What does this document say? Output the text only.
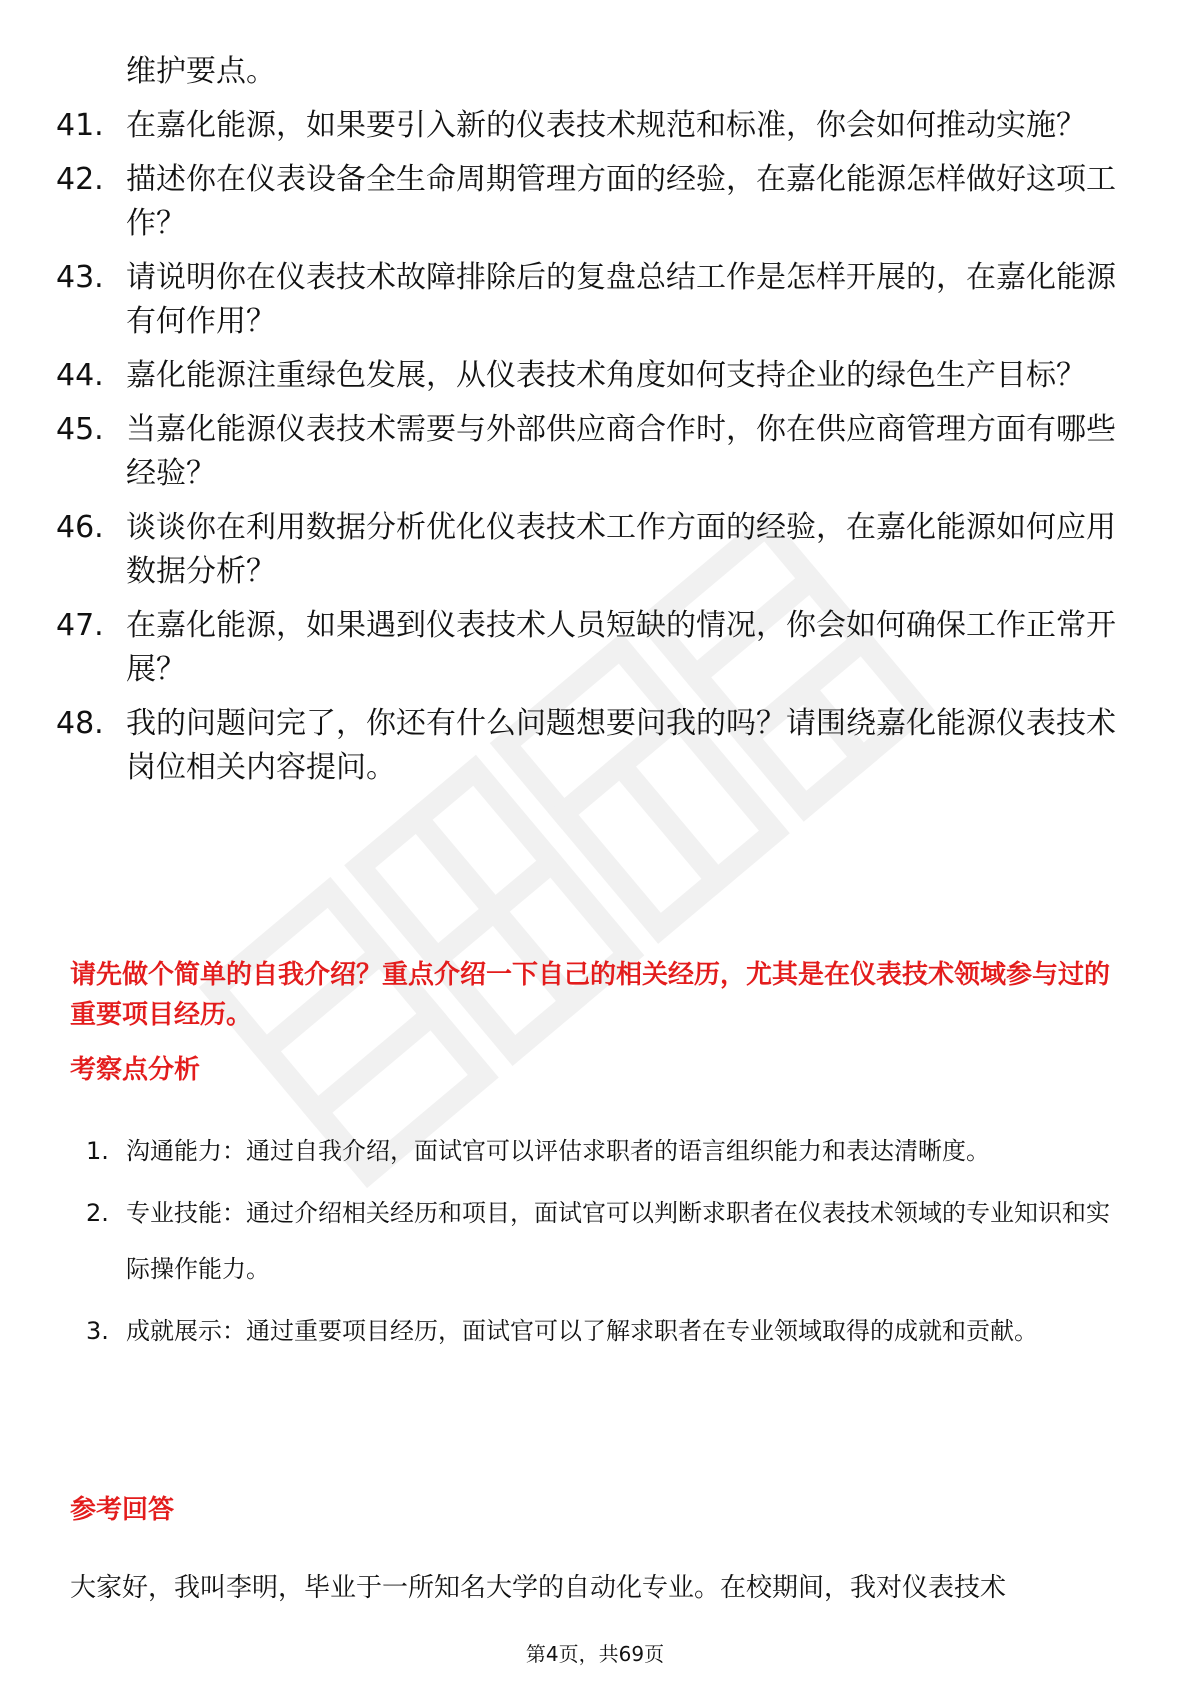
维护要点。

41. 在嘉化能源，如果要引入新的仪表技术规范和标准，你会如何推动实施？
42. 描述你在仪表设备全生命周期管理方面的经验，在嘉化能源怎样做好这项工作？
43. 请说明你在仪表技术故障排除后的复盘总结工作是怎样开展的，在嘉化能源有何作用？
44. 嘉化能源注重绿色发展，从仪表技术角度如何支持企业的绿色生产目标？
45. 当嘉化能源仪表技术需要与外部供应商合作时，你在供应商管理方面有哪些经验？
46. 谈谈你在利用数据分析优化仪表技术工作方面的经验，在嘉化能源如何应用数据分析？
47. 在嘉化能源，如果遇到仪表技术人员短缺的情况，你会如何确保工作正常开展？
48. 我的问题问完了，你还有什么问题想要问我的吗？请围绕嘉化能源仪表技术岗位相关内容提问。

请先做个简单的自我介绍？重点介绍一下自己的相关经历，尤其是在仪表技术领域参与过的重要项目经历。

考察点分析

1. 沟通能力：通过自我介绍，面试官可以评估求职者的语言组织能力和表达清晰度。
2. 专业技能：通过介绍相关经历和项目，面试官可以判断求职者在仪表技术领域的专业知识和实际操作能力。
3. 成就展示：通过重要项目经历，面试官可以了解求职者在专业领域取得的成就和贡献。

参考回答

大家好，我叫李明，毕业于一所知名大学的自动化专业。在校期间，我对仪表技术

第4页，共69页
